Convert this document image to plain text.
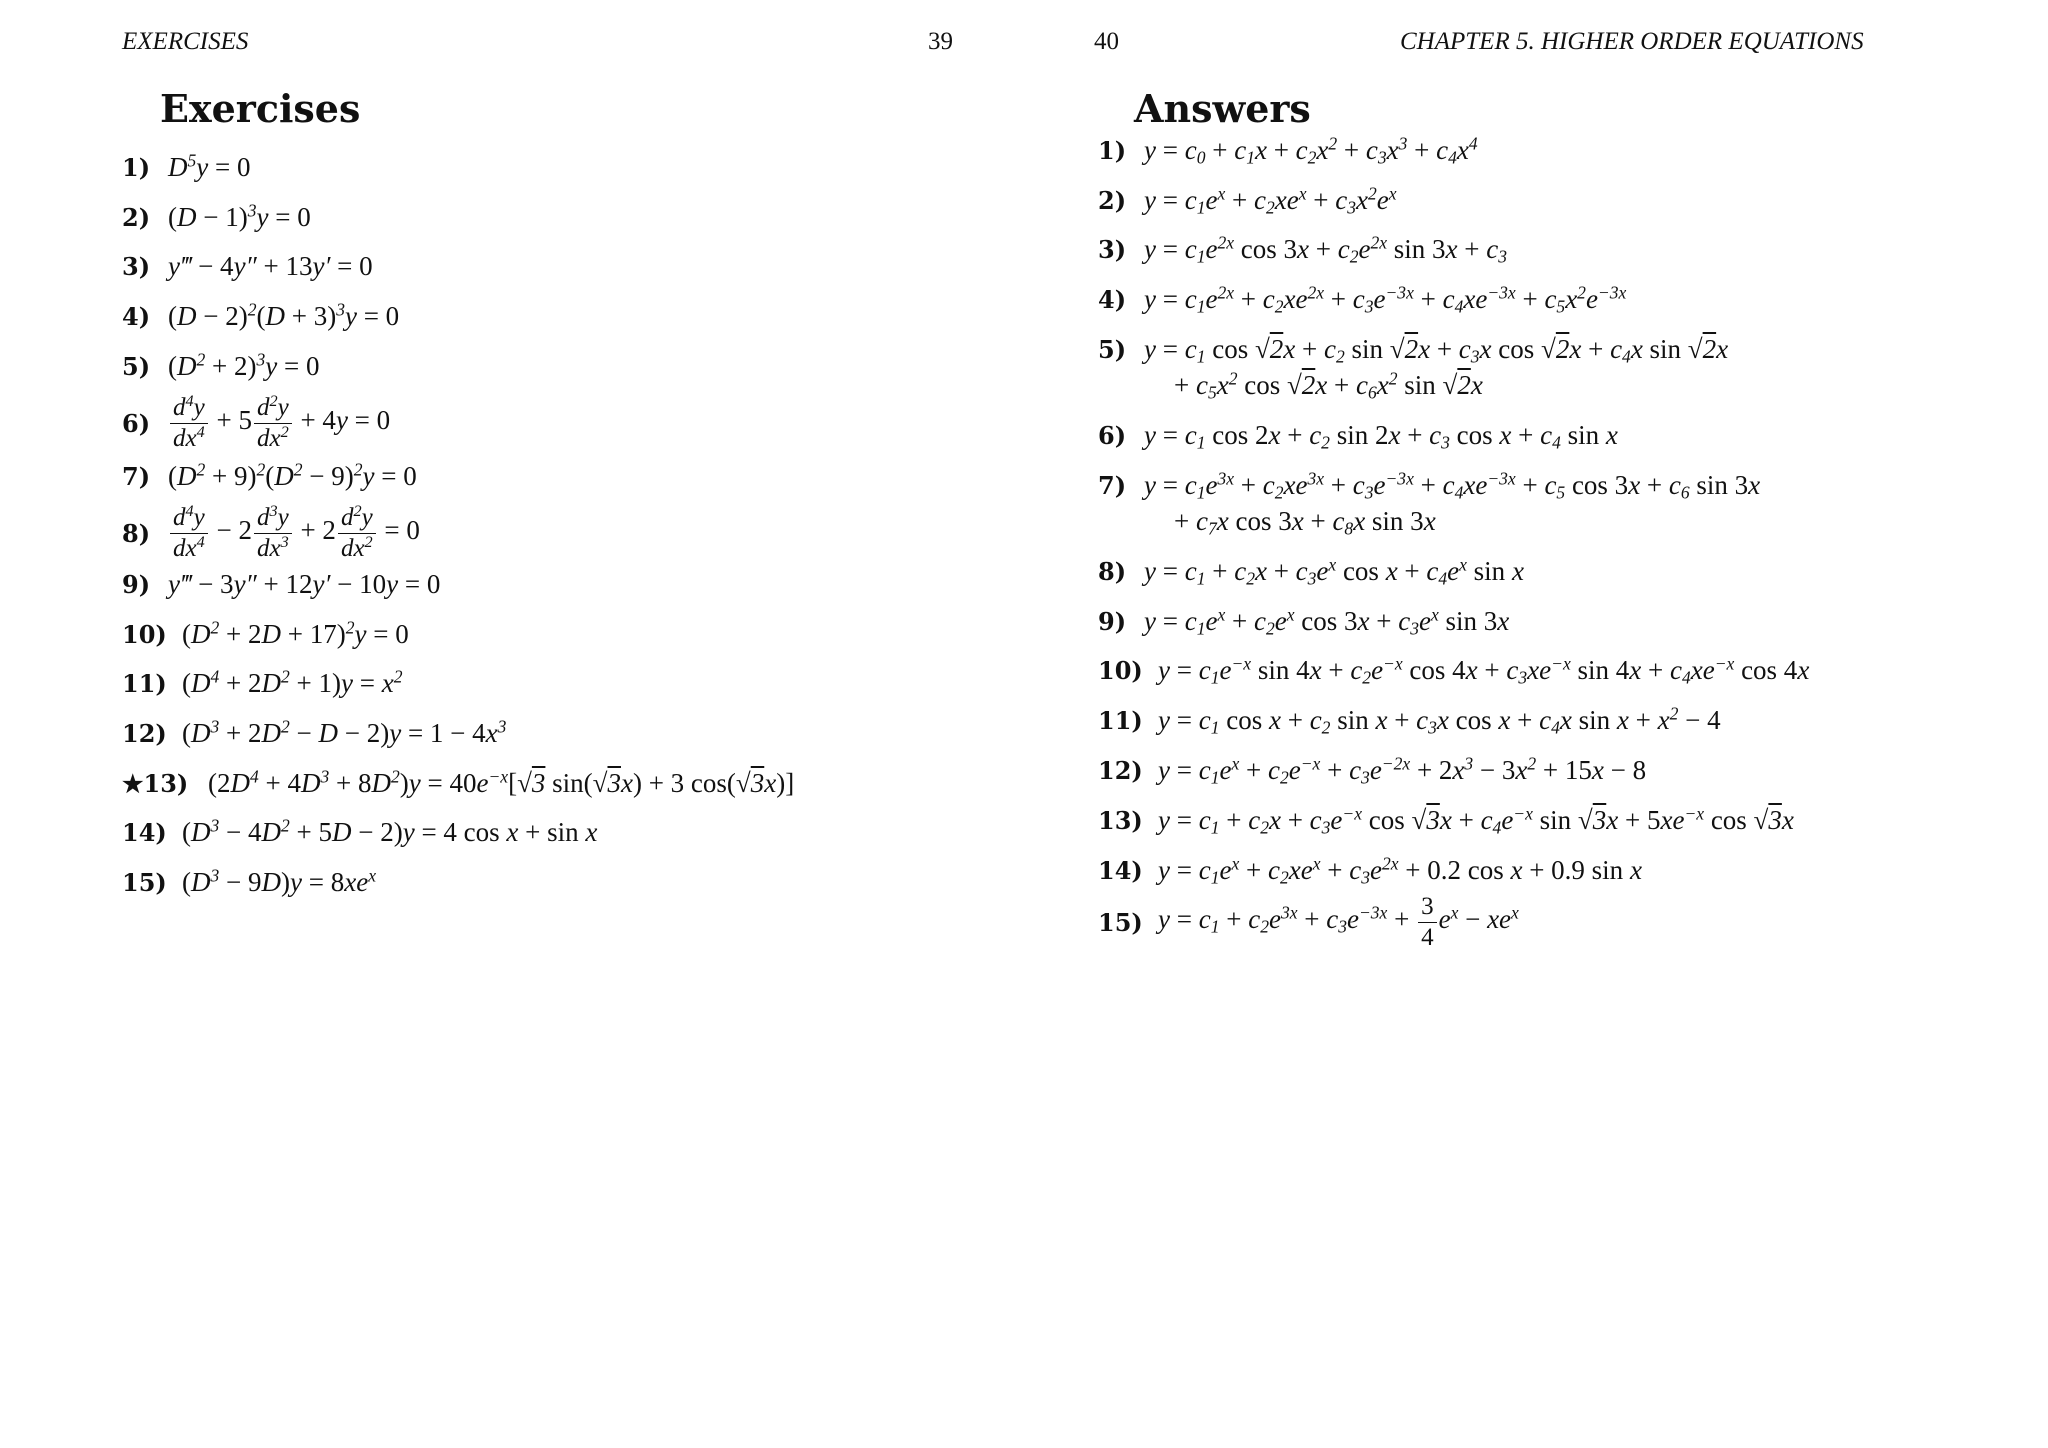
EXERCISES	39
Exercises
1) $D^5y = 0$
2) $(D - 1)^3y = 0$
3) y‴ − 4y″ + 13y′ = 0
4) $(D - 2)^2(D + 3)^3y = 0$
5) $(D^2 + 2)^3y = 0$
$6) \frac{d^4y}{dx^4} + 5 \frac{d^2y}{dx^2} + 4y = 0$
7) $(D^2 + 9)^2(D^2 - 9)^2y = 0$
$8) \frac{d^4y}{dx^4} - 2 \frac{d^3y}{dx^3} + 2 \frac{d^2y}{dx^2} = 0$
9) y‴ − 3y″ + 12y′ − 10y = 0
10) $(D^2 + 2D + 17)^2y = 0$
11) $(D^4 + 2D^2 + 1)y = x^2$
12) $(D^3 + 2D^2 - D - 2)y = 1 - 4x^3$
★13) $(2D^4 + 4D^3 + 8D^2)y = 40e^{-x}[√3$ sin(√3x) + 3 cos(√3x)]
14) $(D^3 - 4D^2 + 5D - 2)y = 4$ cos x + sin x
15) $(D^3 - 9D)y = 8xe^x$
40	CHAPTER 5. HIGHER ORDER EQUATIONS
Answers
1) $y = c_0 + c_1x + c_2x^2 + c_3x^3 + c_4x^4$
2) $y = c_1e^x + c_2xe^x + c_3x^2e^x$
3) $y = c_1e^{2x}$ $\cos 3x + c_2e^{2x}$ $\sin 3x + c_3$
4) $y = c_1e^{2x} + c_2xe^{2x} + c_3e^{-3x} + c_4xe^{-3x} + c_5x^2e^{-3x}$
5) $y = c_1$ $\cos √2x + c_2$ $\sin √2x + c_3x$ $\cos √2x + c_4x$ sin √2x
+ $c_5x^2$ $\cos √2x + c_6x^2$ sin √2x
6) $y = c_1$ $\cos 2x + c_2$ $\sin 2x + c_3$ $\cos x + c_4$ sin x
7) $y = c_1e^{3x} + c_2xe^{3x} + c_3e^{-3x} + c_4xe^{-3x} + c_5$ $\cos 3x + c_6$ sin 3x
+ $c_7x$ $\cos 3x + c_8x$ sin 3x
8) $y = c_1 + c_2x + c_3e^x$ $\cos x + c_4e^x$ sin x
9) $y = c_1e^x + c_2e^x$ $\cos 3x + c_3e^x$ sin 3x
10) $y = c_1e^{-x}$ $\sin 4x + c_2e^{-x}$ $\cos 4x + c_3xe^{-x}$ $\sin 4x + c_4xe^{-x}$ cos 4x
11) $y = c_1$ $\cos x + c_2$ $\sin x + c_3x$ $\cos x + c_4x$ $\sin x + x^2 - 4$
12) $y = c_1e^x + c_2e^{-x} + c_3e^{-2x} + 2x^3 - 3x^2 + 15x - 8$
13) $y = c_1 + c_2x + c_3e^{-x}$ $\cos √3x + c_4e^{-x}$ $\sin √3x + 5xe^{-x}$ cos √3x
14) $y = c_1e^x + c_2xe^x + c_3e^{2x} + 0.2$ cos x + 0.9 sin x
15) $y = c_1 + c_2e^{3x} + c_3e^{-3x} + \frac{3}{4} e^x - xe^x$
